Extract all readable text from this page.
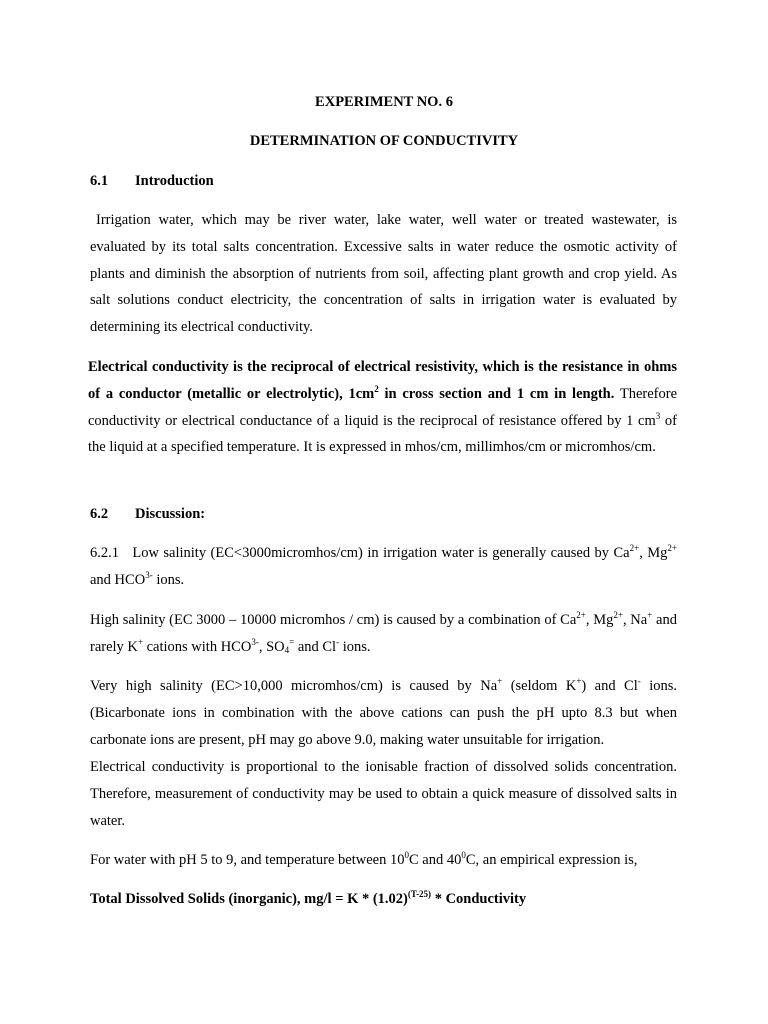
EXPERIMENT NO. 6
DETERMINATION OF CONDUCTIVITY
6.1 Introduction
Irrigation water, which may be river water, lake water, well water or treated wastewater, is evaluated by its total salts concentration. Excessive salts in water reduce the osmotic activity of plants and diminish the absorption of nutrients from soil, affecting plant growth and crop yield. As salt solutions conduct electricity, the concentration of salts in irrigation water is evaluated by determining its electrical conductivity.
Electrical conductivity is the reciprocal of electrical resistivity, which is the resistance in ohms of a conductor (metallic or electrolytic), $1cm^2$ in cross section and 1 cm in length. Therefore conductivity or electrical conductance of a liquid is the reciprocal of resistance offered by 1 $cm^3$ of the liquid at a specified temperature. It is expressed in mhos/cm, millimhos/cm or micromhos/cm.
6.2 Discussion:
6.2.1   Low salinity (EC<3000micromhos/cm) in irrigation water is generally caused by $Ca^{2+}$, $Mg^{2+}$ and $HCO^{3-}$ ions.
High salinity (EC 3000 – 10000 micromhos / cm) is caused by a combination of $Ca^{2+}$, $Mg^{2+}$, Na+ and rarely K+ cations with $HCO^{3-}$, $SO_4^=$ and Cl- ions.
Very high salinity (EC>10,000 micromhos/cm) is caused by Na+ (seldom K+) and Cl- ions. (Bicarbonate ions in combination with the above cations can push the pH upto 8.3 but when carbonate ions are present, pH may go above 9.0, making water unsuitable for irrigation.
Electrical conductivity is proportional to the ionisable fraction of dissolved solids concentration. Therefore, measurement of conductivity may be used to obtain a quick measure of dissolved salts in water.
For water with pH 5 to 9, and temperature between $10^0C$ and $40^0C$, an empirical expression is,
Total Dissolved Solids (inorganic), $mg/l = K * (1.02)^{(T-25)}$ * Conductivity
